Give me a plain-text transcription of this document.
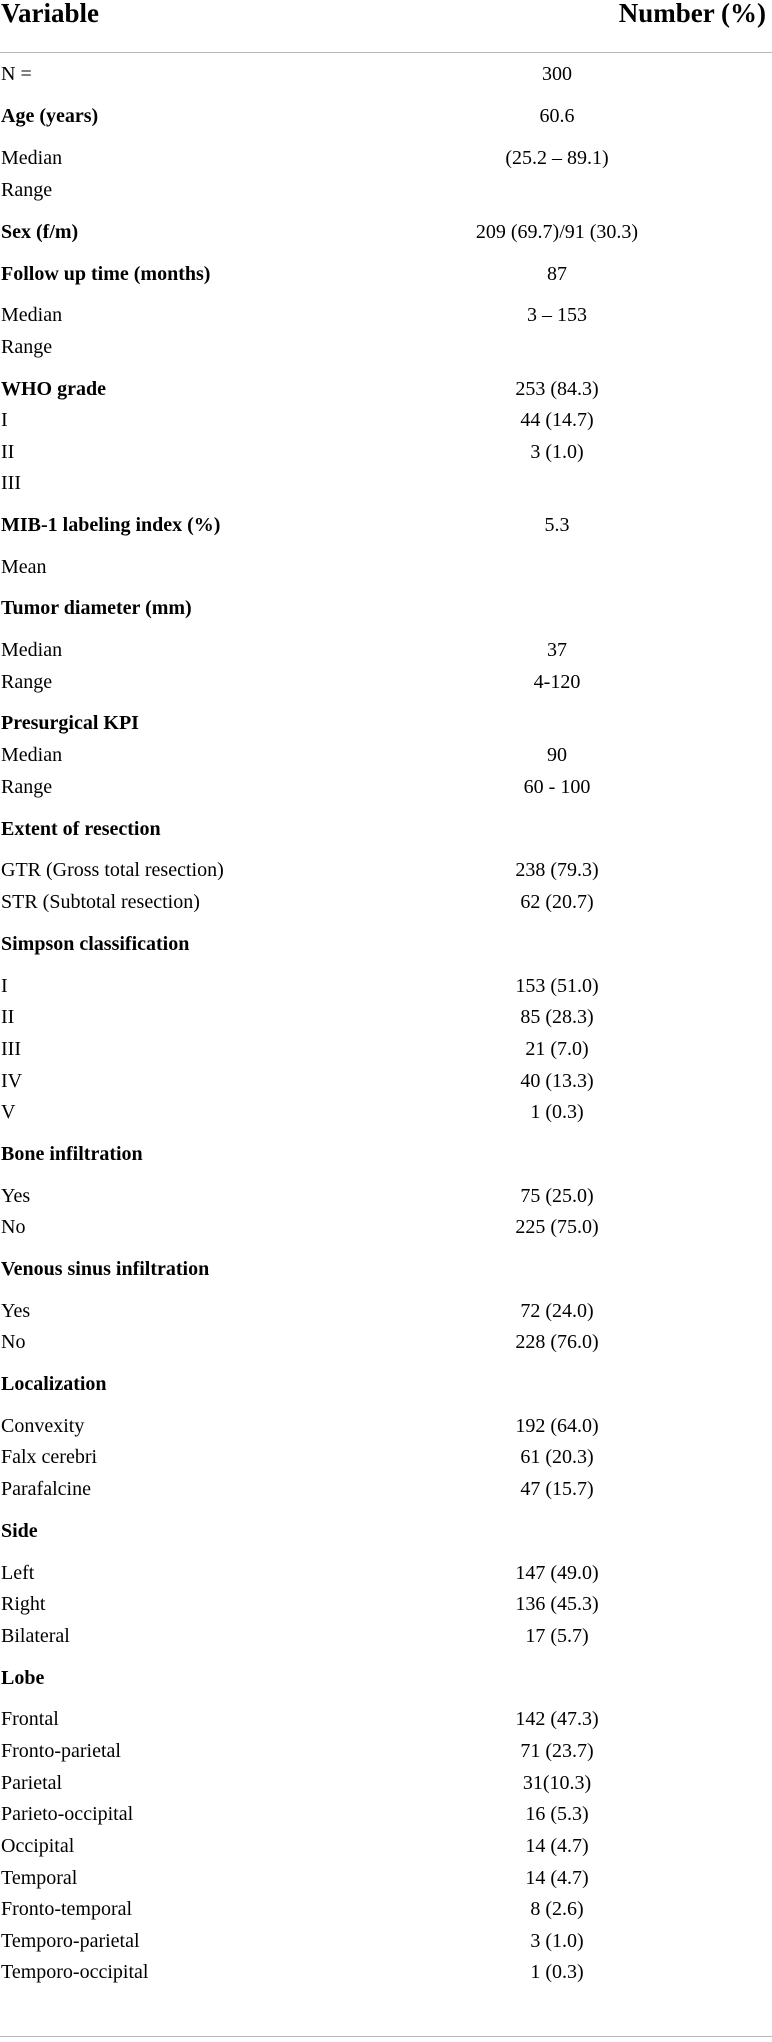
Variable	Number (%)
N =	300
Age (years)	60.6
Median	(25.2 – 89.1)
Range
Sex (f/m)	209 (69.7)/91 (30.3)
Follow up time (months)	87
Median	3 – 153
Range
WHO grade	253 (84.3)
I	44 (14.7)
II	3 (1.0)
III
MIB-1 labeling index (%)	5.3
Mean
Tumor diameter (mm)
Median	37
Range	4-120
Presurgical KPI
Median	90
Range	60 - 100
Extent of resection
GTR (Gross total resection)	238 (79.3)
STR (Subtotal resection)	62 (20.7)
Simpson classification
I	153 (51.0)
II	85 (28.3)
III	21 (7.0)
IV	40 (13.3)
V	1 (0.3)
Bone infiltration
Yes	75 (25.0)
No	225 (75.0)
Venous sinus infiltration
Yes	72 (24.0)
No	228 (76.0)
Localization
Convexity	192 (64.0)
Falx cerebri	61 (20.3)
Parafalcine	47 (15.7)
Side
Left	147 (49.0)
Right	136 (45.3)
Bilateral	17 (5.7)
Lobe
Frontal	142 (47.3)
Fronto-parietal	71 (23.7)
Parietal	31(10.3)
Parieto-occipital	16 (5.3)
Occipital	14 (4.7)
Temporal	14 (4.7)
Fronto-temporal	8 (2.6)
Temporo-parietal	3 (1.0)
Temporo-occipital	1 (0.3)
